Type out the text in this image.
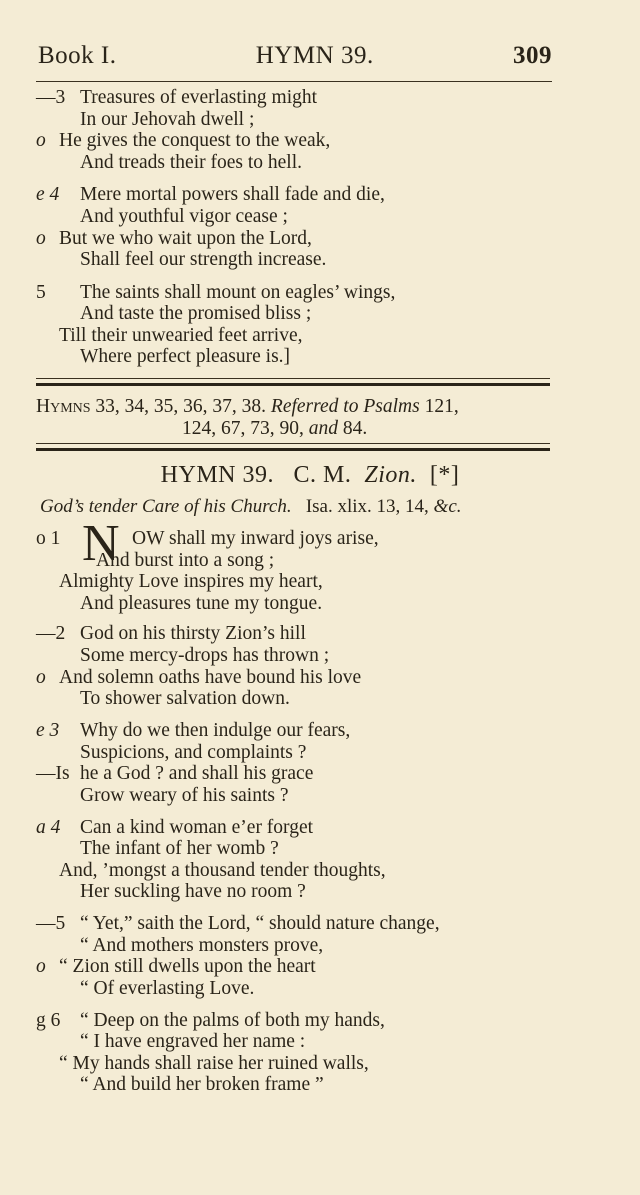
Book I.	HYMN 39.	309
—3 Treasures of everlasting might
In our Jehovah dwell ;
o He gives the conquest to the weak,
And treads their foes to hell.
e 4	Mere mortal powers shall fade and die,
And youthful vigor cease ;
o But we who wait upon the Lord,
Shall feel our strength increase.
5	The saints shall mount on eagles’ wings,
And taste the promised bliss ;
Till their unwearied feet arrive,
Where perfect pleasure is.]
Hymns 33, 34, 35, 36, 37, 38. Referred to Psalms 121,
124, 67, 73, 90, and 84.
HYMN 39.   C. M. Zion. [*]
God’s tender Care of his Church. Isa. xlix. 13, 14, &c.
o 1	OW shall my inward joys arise,
N
And burst into a song ;
Almighty Love inspires my heart,
And pleasures tune my tongue.
—2 God on his thirsty Zion’s hill
Some mercy-drops has thrown ;
o And solemn oaths have bound his love
To shower salvation down.
e 3	Why do we then indulge our fears,
Suspicions, and complaints ?
—Is he a God ? and shall his grace
Grow weary of his saints ?
a 4	Can a kind woman e’er forget
The infant of her womb ?
And, ’mongst a thousand tender thoughts,
Her suckling have no room ?
—5 “ Yet,” saith the Lord, “ should nature change,
“ And mothers monsters prove,
o “ Zion still dwells upon the heart
“ Of everlasting Love.
g 6	“ Deep on the palms of both my hands,
“ I have engraved her name :
“ My hands shall raise her ruined walls,
“ And build her broken frame ”
